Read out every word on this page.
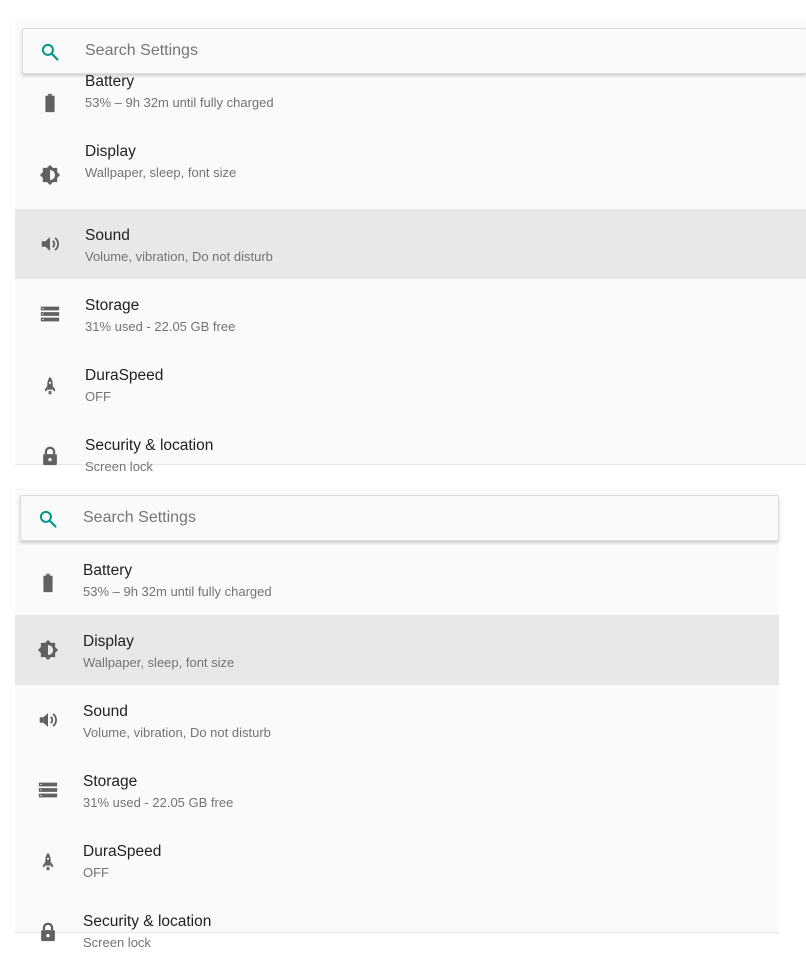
Search Settings
Battery
53% – 9h 32m until fully charged
Display
Wallpaper, sleep, font size
Sound
Volume, vibration, Do not disturb
Storage
31% used - 22.05 GB free
DuraSpeed
OFF
Security & location
Screen lock
Search Settings
Battery
53% – 9h 32m until fully charged
Display
Wallpaper, sleep, font size
Sound
Volume, vibration, Do not disturb
Storage
31% used - 22.05 GB free
DuraSpeed
OFF
Security & location
Screen lock
